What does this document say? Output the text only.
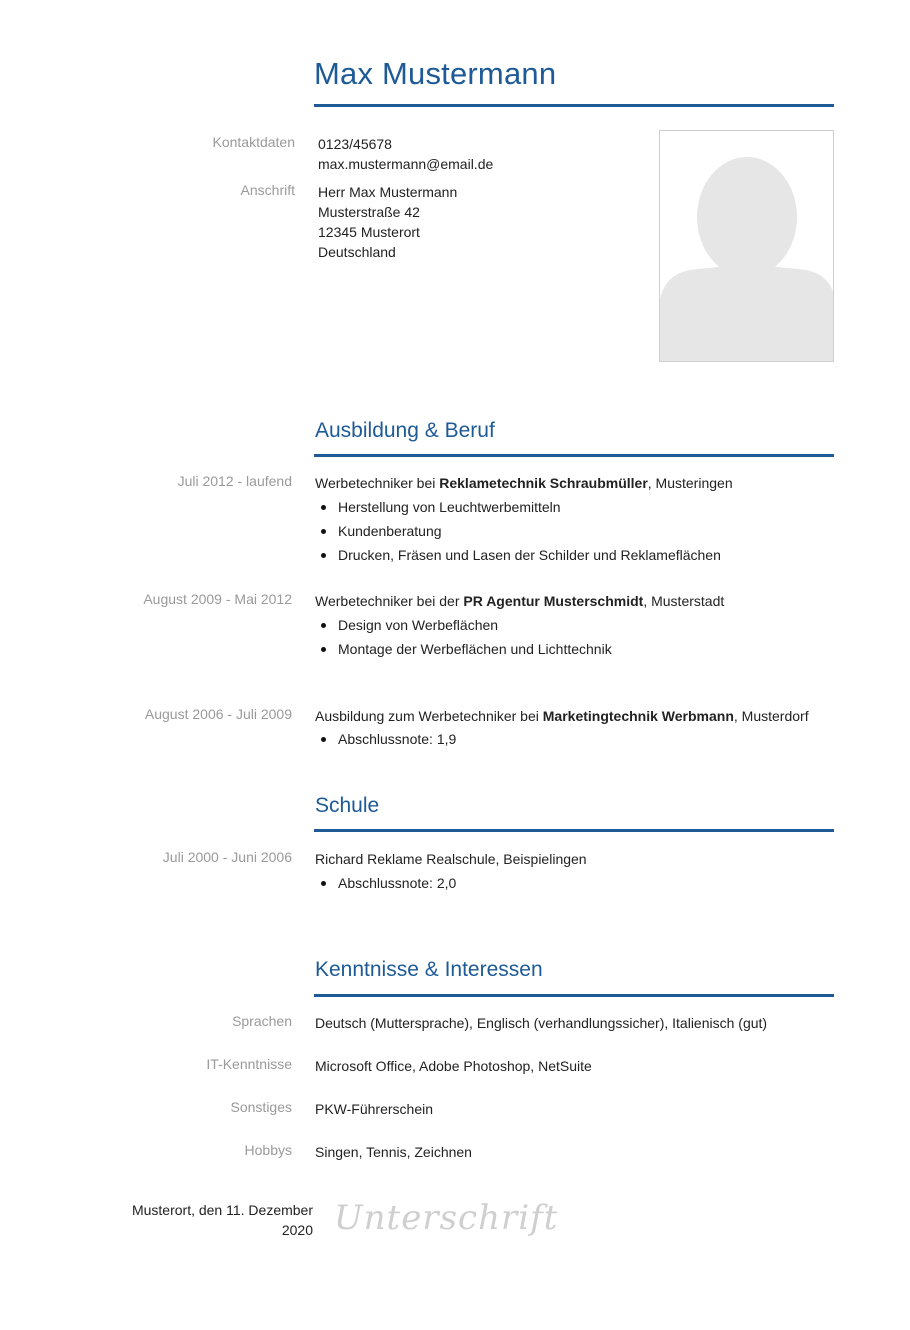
Max Mustermann
Kontaktdaten 0123/45678
max.mustermann@email.de
Anschrift Herr Max Mustermann
Musterstraße 42
12345 Musterort
Deutschland
Ausbildung & Beruf
Juli 2012 - laufend Werbetechniker bei Reklametechnik Schraubmüller, Musteringen
Herstellung von Leuchtwerbemitteln
Kundenberatung
Drucken, Fräsen und Lasen der Schilder und Reklameflächen
August 2009 - Mai 2012 Werbetechniker bei der PR Agentur Musterschmidt, Musterstadt
Design von Werbeflächen
Montage der Werbeflächen und Lichttechnik
August 2006 - Juli 2009 Ausbildung zum Werbetechniker bei Marketingtechnik Werbmann, Musterdorf
Abschlussnote: 1,9
Schule
Juli 2000 - Juni 2006 Richard Reklame Realschule, Beispielingen
Abschlussnote: 2,0
Kenntnisse & Interessen
Sprachen Deutsch (Muttersprache), Englisch (verhandlungssicher), Italienisch (gut)
IT-Kenntnisse Microsoft Office, Adobe Photoshop, NetSuite
Sonstiges PKW-Führerschein
Hobbys Singen, Tennis, Zeichnen
Musterort, den 11. Dezember
2020 Unterschrift
